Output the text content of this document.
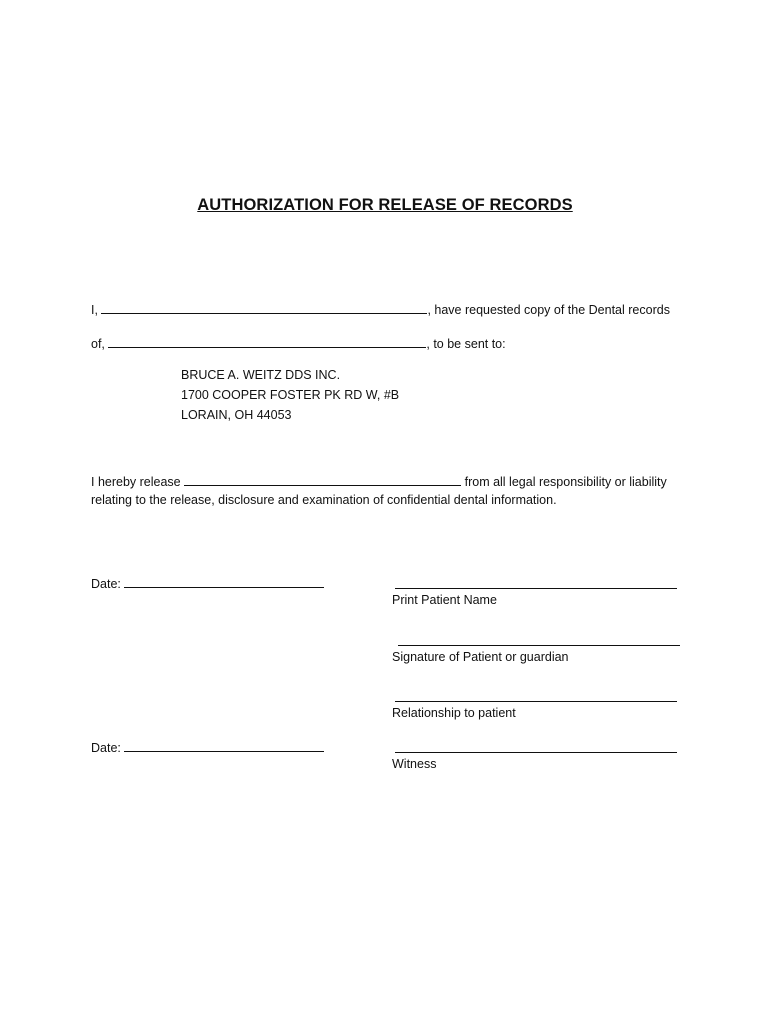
AUTHORIZATION FOR RELEASE OF RECORDS
I,	, have requested copy of the Dental records
of,	, to be sent to:
BRUCE A. WEITZ DDS INC.
1700 COOPER FOSTER PK RD W, #B
LORAIN, OH 44053
I hereby release	from all legal responsibility or liability
relating to the release, disclosure and examination of confidential dental information.
Date:
Print Patient Name
Signature of Patient or guardian
Relationship to patient
Date:
Witness
